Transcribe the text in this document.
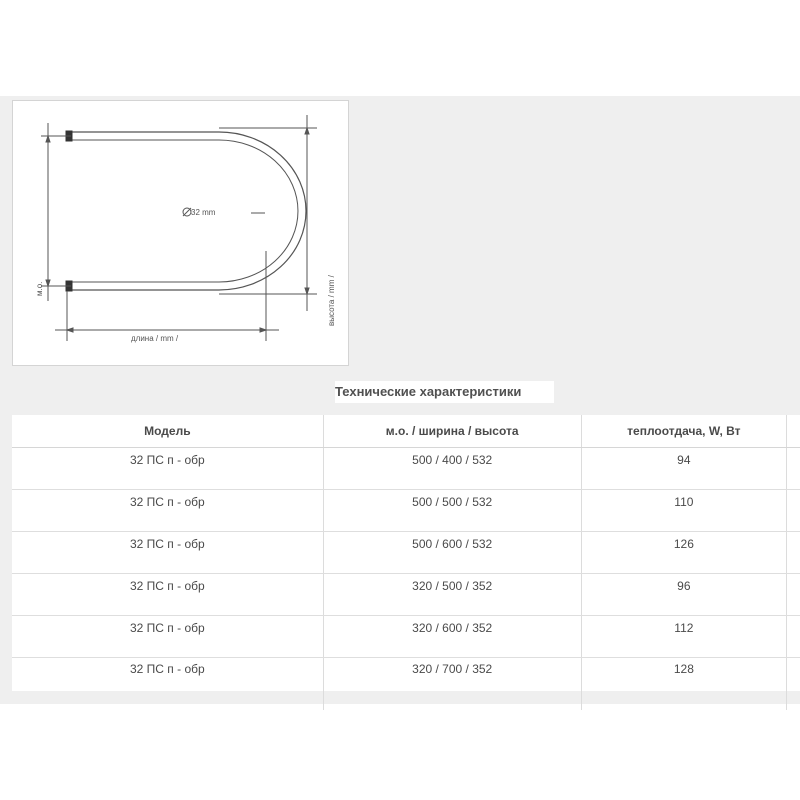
м.о.	высота / mm /
длина / mm /
32 mm
Технические характеристики
Модель	м.о. / ширина / высота	теплоотдача, W, Вт	
32 ПС п - обр	500 / 400 / 532	94	
32 ПС п - обр	500 / 500 / 532	110	
32 ПС п - обр	500 / 600 / 532	126	
32 ПС п - обр	320 / 500 / 352	96	
32 ПС п - обр	320 / 600 / 352	112	
32 ПС п - обр	320 / 700 / 352	128	
